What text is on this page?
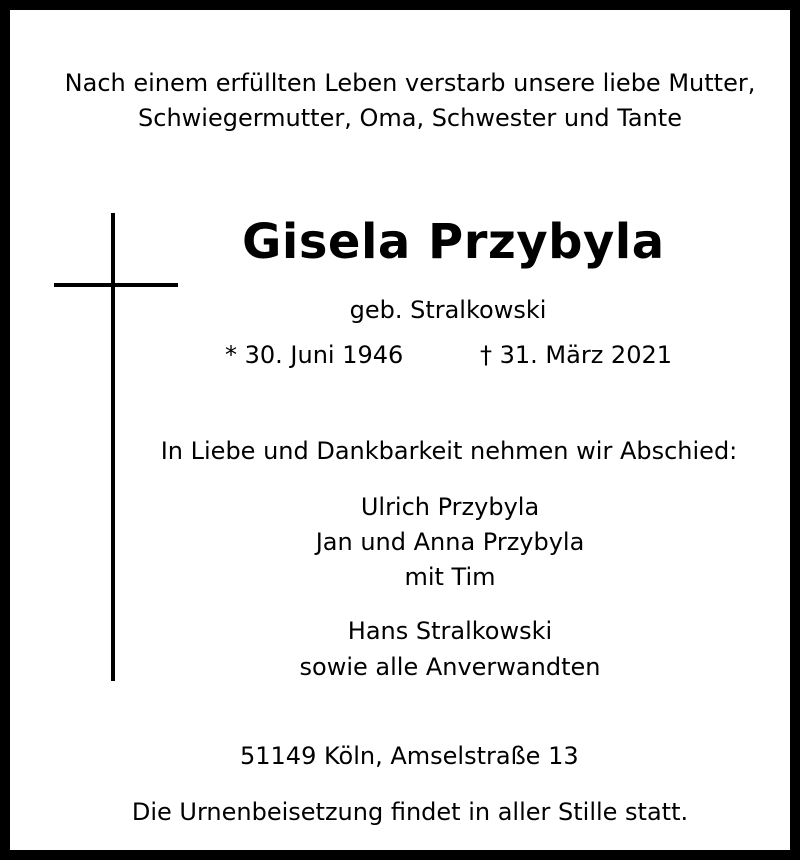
Nach einem erfüllten Leben verstarb unsere liebe Mutter,
Schwiegermutter, Oma, Schwester und Tante
Gisela Przybyla
geb. Stralkowski
* 30. Juni 1946	† 31. März 2021
In Liebe und Dankbarkeit nehmen wir Abschied:
Ulrich Przybyla
Jan und Anna Przybyla
mit Tim
Hans Stralkowski
sowie alle Anverwandten
51149 Köln, Amselstraße 13
Die Urnenbeisetzung findet in aller Stille statt.
